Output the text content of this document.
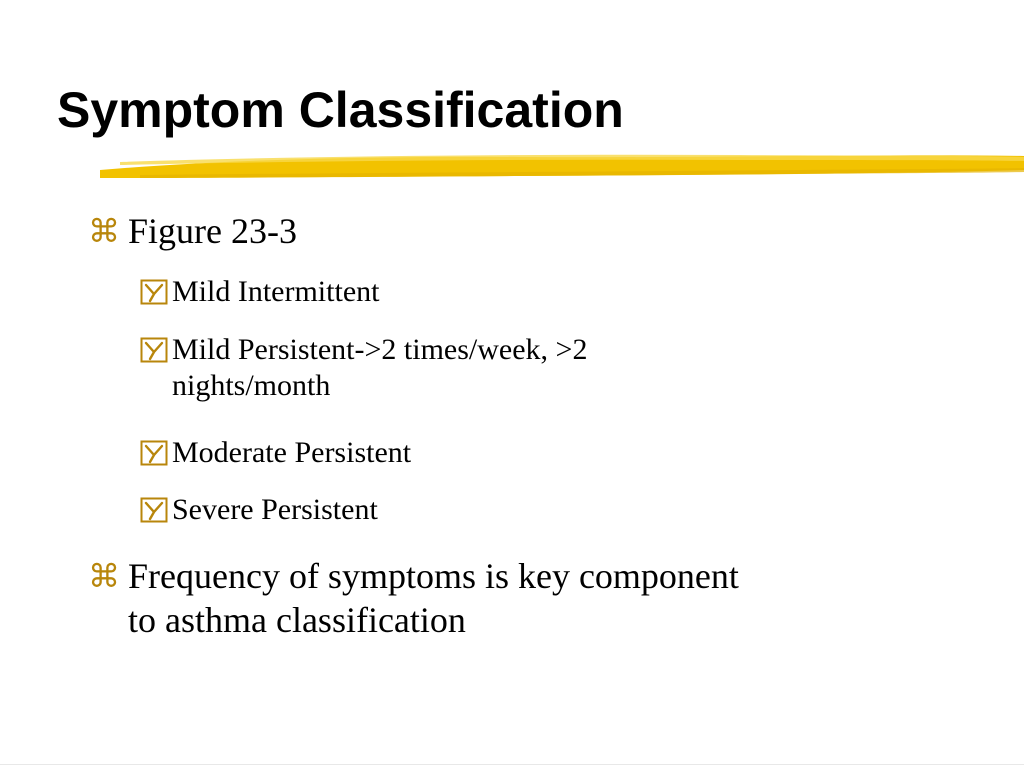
Symptom Classification
⌘ Figure 23-3
Mild Intermittent
Mild Persistent->2 times/week, >2
nights/month
Moderate Persistent
Severe Persistent
⌘ Frequency of symptoms is key component
to asthma classification
